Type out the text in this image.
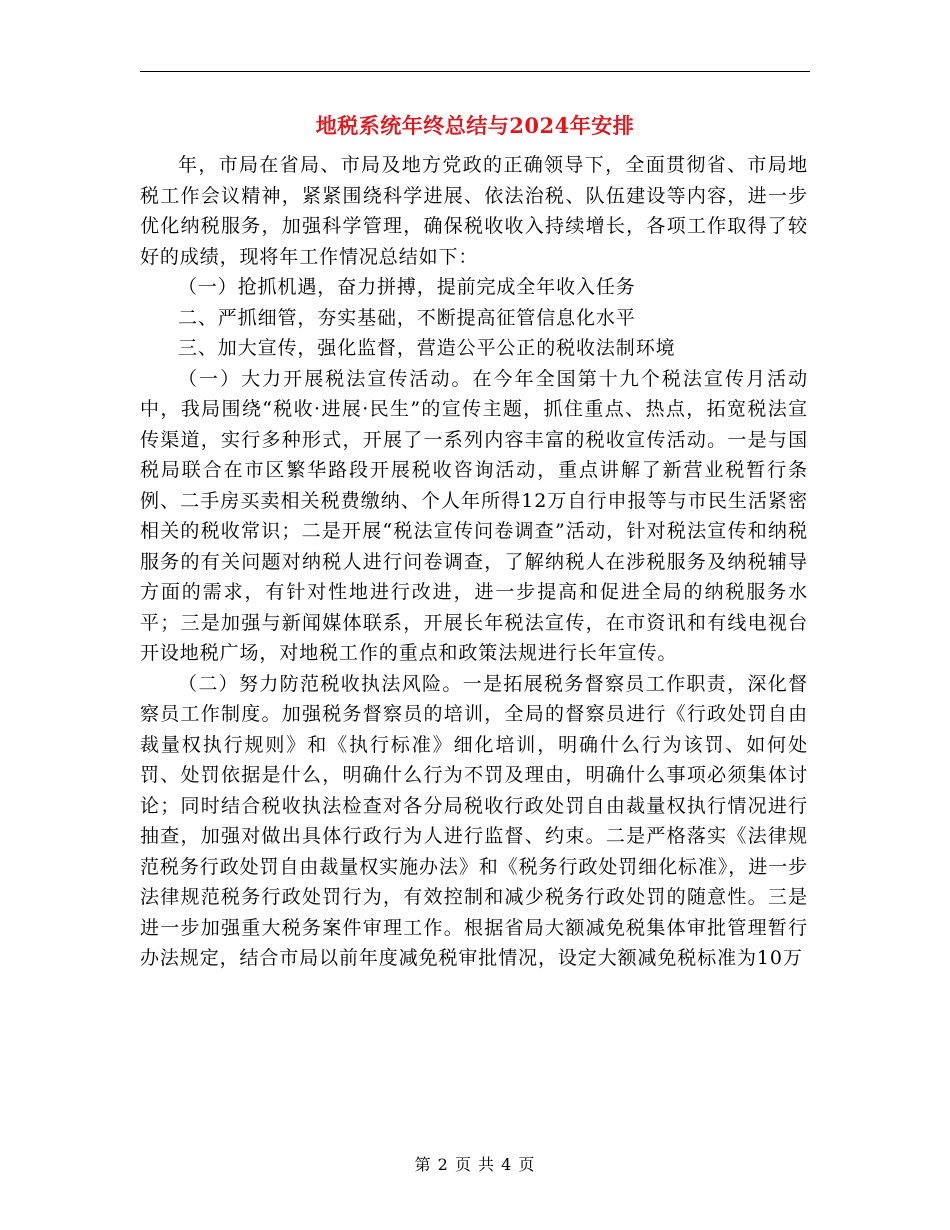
地税系统年终总结与2024年安排

年，市局在省局、市局及地方党政的正确领导下，全面贯彻省、市局地税工作会议精神，紧紧围绕科学进展、依法治税、队伍建设等内容，进一步优化纳税服务，加强科学管理，确保税收收入持续增长，各项工作取得了较好的成绩，现将年工作情况总结如下：

（一）抢抓机遇，奋力拼搏，提前完成全年收入任务

二、严抓细管，夯实基础，不断提高征管信息化水平

三、加大宣传，强化监督，营造公平公正的税收法制环境

（一）大力开展税法宣传活动。在今年全国第十九个税法宣传月活动中，我局围绕“税收·进展·民生”的宣传主题，抓住重点、热点，拓宽税法宣传渠道，实行多种形式，开展了一系列内容丰富的税收宣传活动。一是与国税局联合在市区繁华路段开展税收咨询活动，重点讲解了新营业税暂行条例、二手房买卖相关税费缴纳、个人年所得12万自行申报等与市民生活紧密相关的税收常识；二是开展“税法宣传问卷调查”活动，针对税法宣传和纳税服务的有关问题对纳税人进行问卷调查，了解纳税人在涉税服务及纳税辅导方面的需求，有针对性地进行改进，进一步提高和促进全局的纳税服务水平；三是加强与新闻媒体联系，开展长年税法宣传，在市资讯和有线电视台开设地税广场，对地税工作的重点和政策法规进行长年宣传。

（二）努力防范税收执法风险。一是拓展税务督察员工作职责，深化督察员工作制度。加强税务督察员的培训，全局的督察员进行《行政处罚自由裁量权执行规则》和《执行标准》细化培训，明确什么行为该罚、如何处罚、处罚依据是什么，明确什么行为不罚及理由，明确什么事项必须集体讨论；同时结合税收执法检查对各分局税收行政处罚自由裁量权执行情况进行抽查，加强对做出具体行政行为人进行监督、约束。二是严格落实《法律规范税务行政处罚自由裁量权实施办法》和《税务行政处罚细化标准》，进一步法律规范税务行政处罚行为，有效控制和减少税务行政处罚的随意性。三是进一步加强重大税务案件审理工作。根据省局大额减免税集体审批管理暂行办法规定，结合市局以前年度减免税审批情况，设定大额减免税标准为10万

第 2 页 共 4 页
